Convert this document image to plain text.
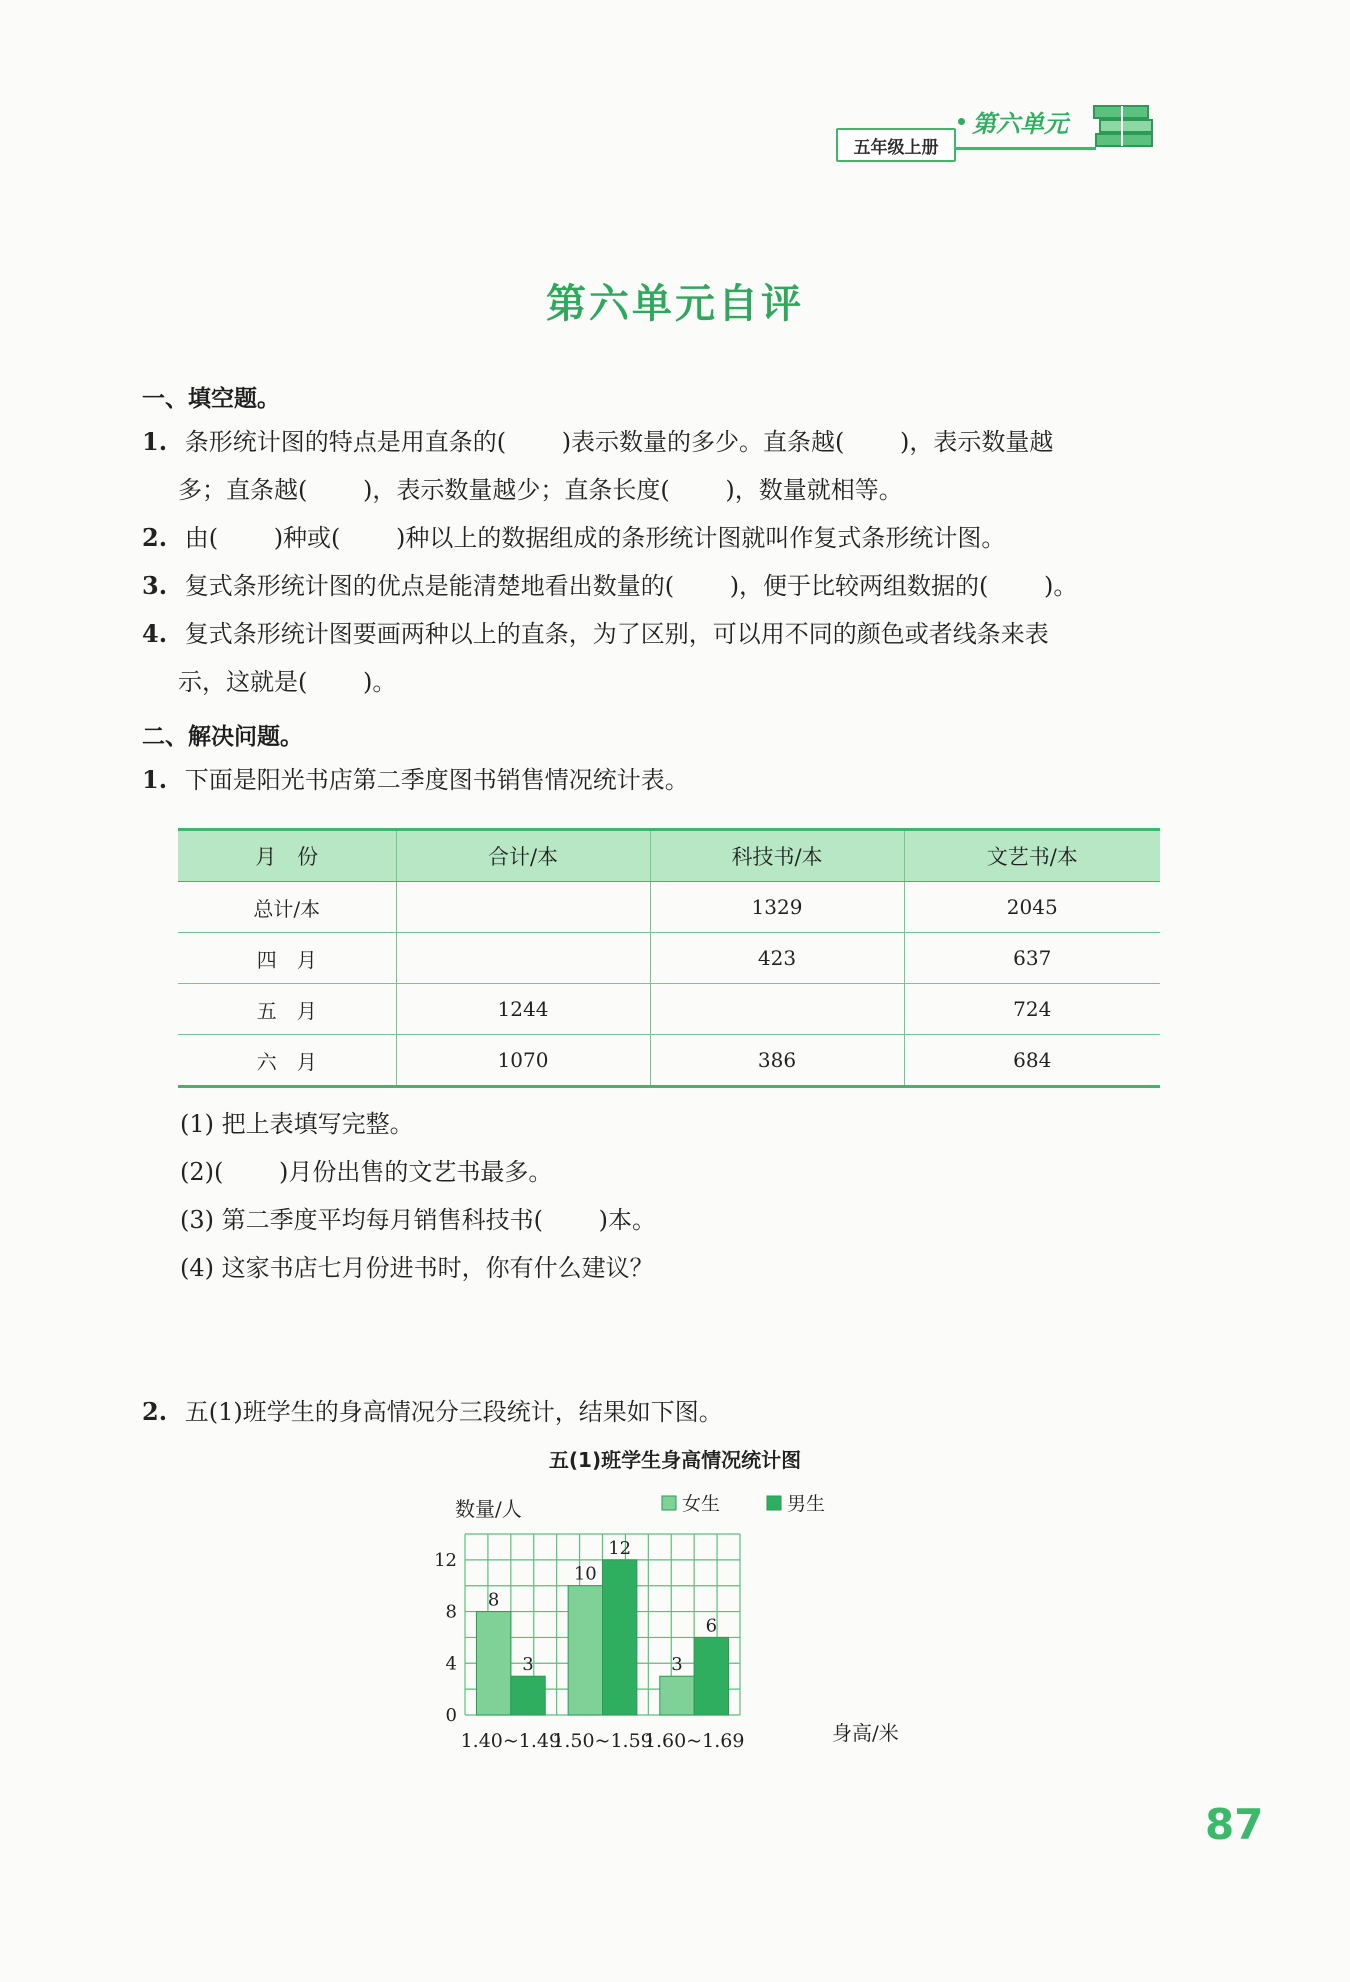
第六单元
五年级上册
第六单元自评
一、填空题。
1. 条形统计图的特点是用直条的(　　 )表示数量的多少。直条越(　　 )，表示数量越
多；直条越(　　 )，表示数量越少；直条长度(　　 )，数量就相等。
2. 由(　　 )种或(　　 )种以上的数据组成的条形统计图就叫作复式条形统计图。
3. 复式条形统计图的优点是能清楚地看出数量的(　　 )，便于比较两组数据的(　　 )。
4. 复式条形统计图要画两种以上的直条，为了区别，可以用不同的颜色或者线条来表
示，这就是(　　 )。
二、解决问题。
1. 下面是阳光书店第二季度图书销售情况统计表。
月　份	合计/本	科技书/本	文艺书/本
总计/本		1329	2045
四　月		423	637
五　月	1244		724
六　月	1070	386	684
(1) 把上表填写完整。
(2)(　　 )月份出售的文艺书最多。
(3) 第二季度平均每月销售科技书(　　 )本。
(4) 这家书店七月份进书时，你有什么建议？
2. 五(1)班学生的身高情况分三段统计，结果如下图。
五(1)班学生身高情况统计图
数量/人	女生	男生
8
3
10
12
3
6
0
4
8
12
1.40~1.49
1.50~1.59
1.60~1.69	身高/米
87
